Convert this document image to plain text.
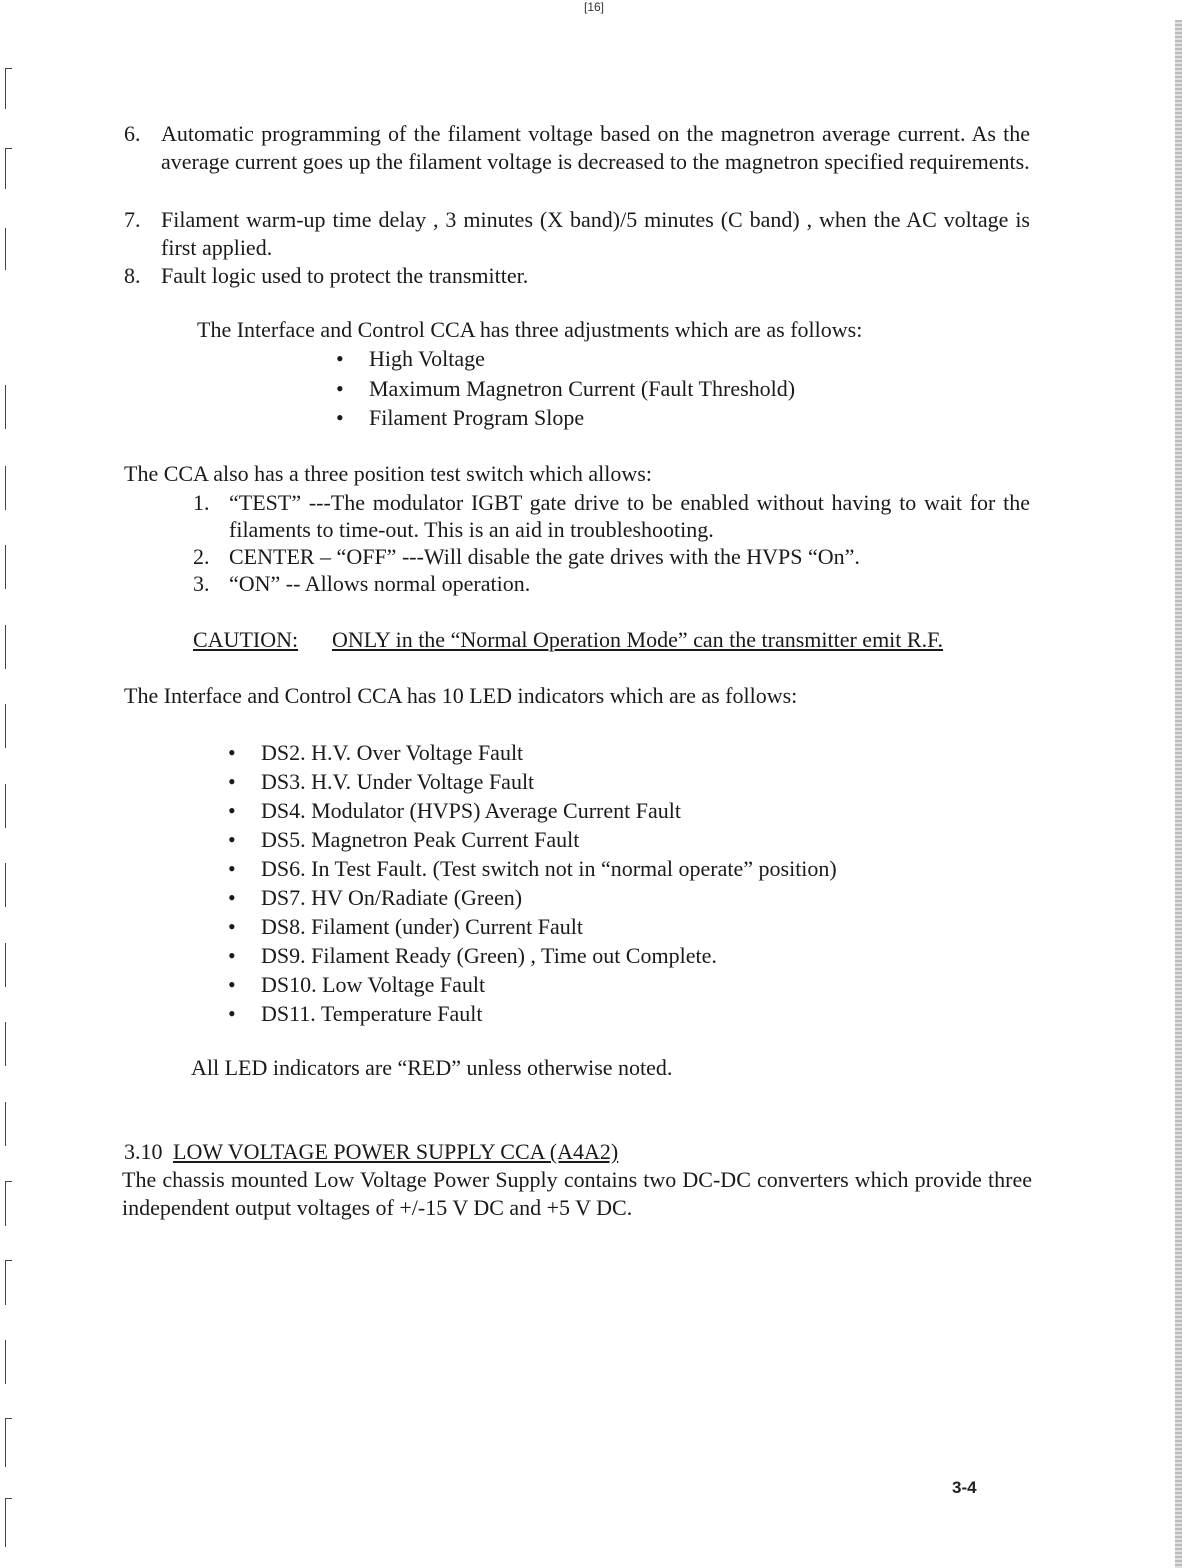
[16]
6. Automatic programming of the filament voltage based on the magnetron average current. As the average current goes up the filament voltage is decreased to the magnetron specified requirements.
7. Filament warm-up time delay , 3 minutes (X band)/5 minutes (C band) , when the AC voltage is first applied.
8. Fault logic used to protect the transmitter.
The Interface and Control CCA has three adjustments which are as follows:
• High Voltage
• Maximum Magnetron Current (Fault Threshold)
• Filament Program Slope
The CCA also has a three position test switch which allows:
1. “TEST” ---The modulator IGBT gate drive to be enabled without having to wait for the filaments to time-out. This is an aid in troubleshooting.
2. CENTER – “OFF” ---Will disable the gate drives with the HVPS “On”.
3. “ON” -- Allows normal operation.
CAUTION: ONLY in the “Normal Operation Mode” can the transmitter emit R.F.
The Interface and Control CCA has 10 LED indicators which are as follows:
• DS2. H.V. Over Voltage Fault
• DS3. H.V. Under Voltage Fault
• DS4. Modulator (HVPS) Average Current Fault
• DS5. Magnetron Peak Current Fault
• DS6. In Test Fault. (Test switch not in “normal operate” position)
• DS7. HV On/Radiate (Green)
• DS8. Filament (under) Current Fault
• DS9. Filament Ready (Green) , Time out Complete.
• DS10. Low Voltage Fault
• DS11. Temperature Fault
All LED indicators are “RED” unless otherwise noted.
3.10 LOW VOLTAGE POWER SUPPLY CCA (A4A2)
The chassis mounted Low Voltage Power Supply contains two DC-DC converters which provide three independent output voltages of +/-15 V DC and +5 V DC.
3-4
